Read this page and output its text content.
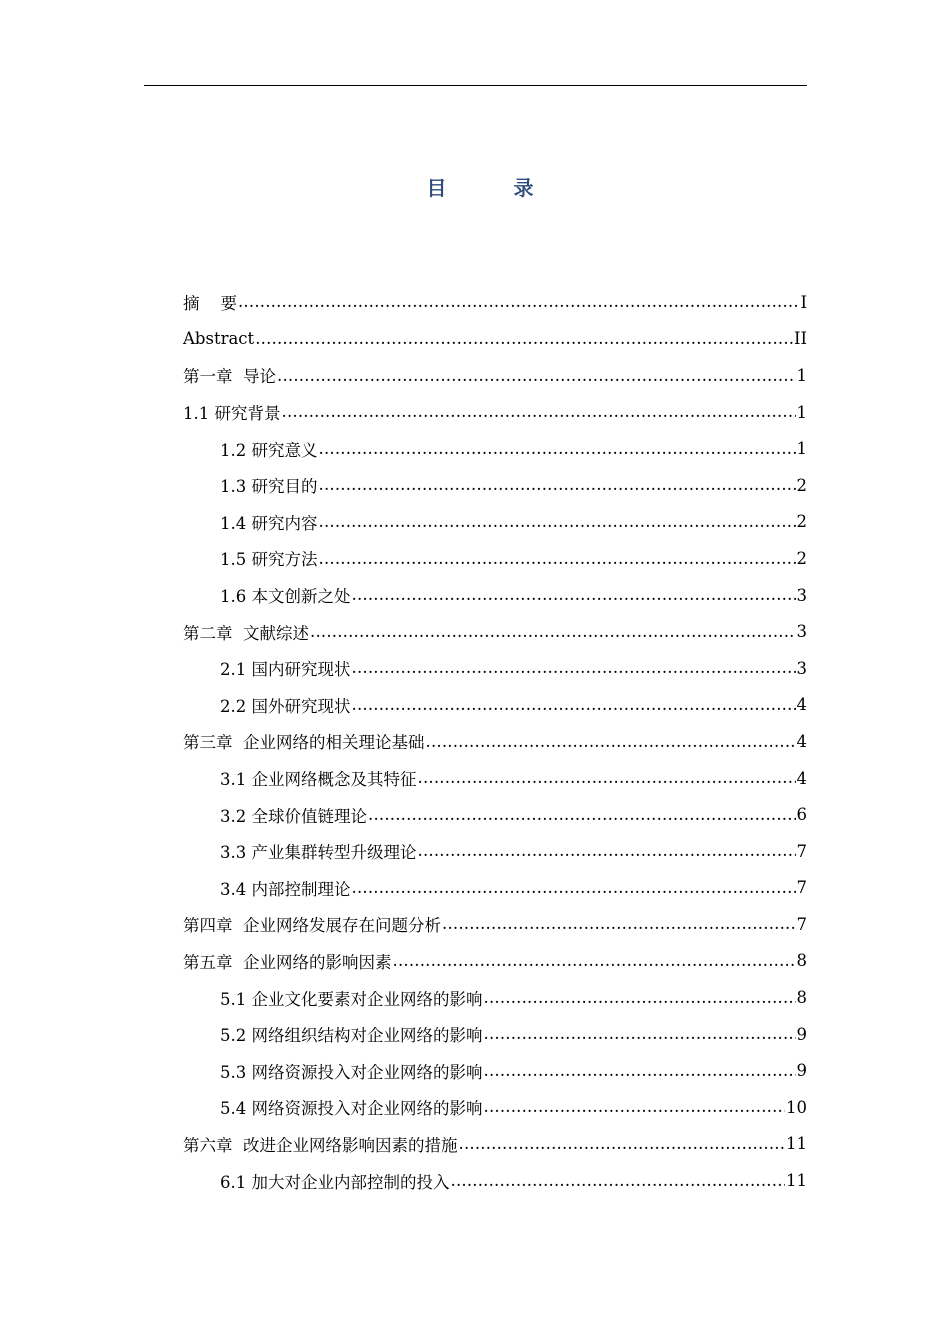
目 录
摘    要 .....	I
Abstract .....	II
第一章  导论 .....	1
1.1 研究背景 .....	1
1.2 研究意义 .....	1
1.3 研究目的 .....	2
1.4 研究内容 .....	2
1.5 研究方法 .....	2
1.6 本文创新之处 .....	3
第二章  文献综述 .....	3
2.1 国内研究现状 .....	3
2.2 国外研究现状 .....	4
第三章  企业网络的相关理论基础 .....	4
3.1 企业网络概念及其特征 .....	4
3.2 全球价值链理论 .....	6
3.3 产业集群转型升级理论 .....	7
3.4 内部控制理论 .....	7
第四章  企业网络发展存在问题分析 .....	7
第五章  企业网络的影响因素 .....	8
5.1 企业文化要素对企业网络的影响 .....	8
5.2 网络组织结构对企业网络的影响 .....	9
5.3 网络资源投入对企业网络的影响 .....	9
5.4 网络资源投入对企业网络的影响 .....	10
第六章  改进企业网络影响因素的措施 .....	11
6.1 加大对企业内部控制的投入 .....	11
